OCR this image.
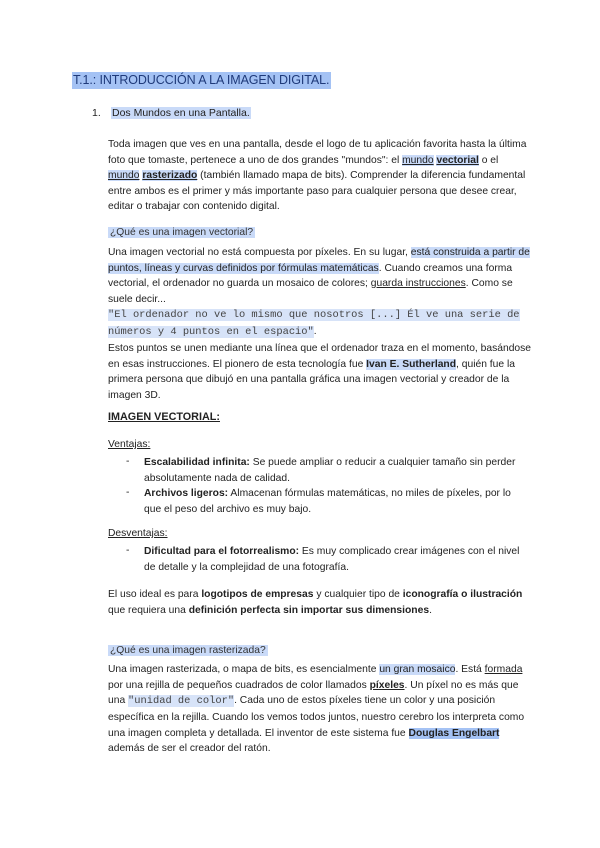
T.1.: INTRODUCCIÓN A LA IMAGEN DIGITAL.
1. Dos Mundos en una Pantalla.
Toda imagen que ves en una pantalla, desde el logo de tu aplicación favorita hasta la última foto que tomaste, pertenece a uno de dos grandes "mundos": el mundo vectorial o el mundo rasterizado (también llamado mapa de bits). Comprender la diferencia fundamental entre ambos es el primer y más importante paso para cualquier persona que desee crear, editar o trabajar con contenido digital.
¿Qué es una imagen vectorial?
Una imagen vectorial no está compuesta por píxeles. En su lugar, está construida a partir de puntos, líneas y curvas definidos por fórmulas matemáticas. Cuando creamos una forma vectorial, el ordenador no guarda un mosaico de colores; guarda instrucciones. Como se suele decir...
"El ordenador no ve lo mismo que nosotros [...] Él ve una serie de números y 4 puntos en el espacio".
Estos puntos se unen mediante una línea que el ordenador traza en el momento, basándose en esas instrucciones. El pionero de esta tecnología fue Ivan E. Sutherland, quién fue la primera persona que dibujó en una pantalla gráfica una imagen vectorial y creador de la imagen 3D.
IMAGEN VECTORIAL:
Ventajas:
- Escalabilidad infinita: Se puede ampliar o reducir a cualquier tamaño sin perder absolutamente nada de calidad.
- Archivos ligeros: Almacenan fórmulas matemáticas, no miles de píxeles, por lo que el peso del archivo es muy bajo.
Desventajas:
- Dificultad para el fotorrealismo: Es muy complicado crear imágenes con el nivel de detalle y la complejidad de una fotografía.
El uso ideal es para logotipos de empresas y cualquier tipo de iconografía o ilustración que requiera una definición perfecta sin importar sus dimensiones.
¿Qué es una imagen rasterizada?
Una imagen rasterizada, o mapa de bits, es esencialmente un gran mosaico. Está formada por una rejilla de pequeños cuadrados de color llamados píxeles. Un píxel no es más que una "unidad de color". Cada uno de estos píxeles tiene un color y una posición específica en la rejilla. Cuando los vemos todos juntos, nuestro cerebro los interpreta como una imagen completa y detallada. El inventor de este sistema fue Douglas Engelbart además de ser el creador del ratón.
